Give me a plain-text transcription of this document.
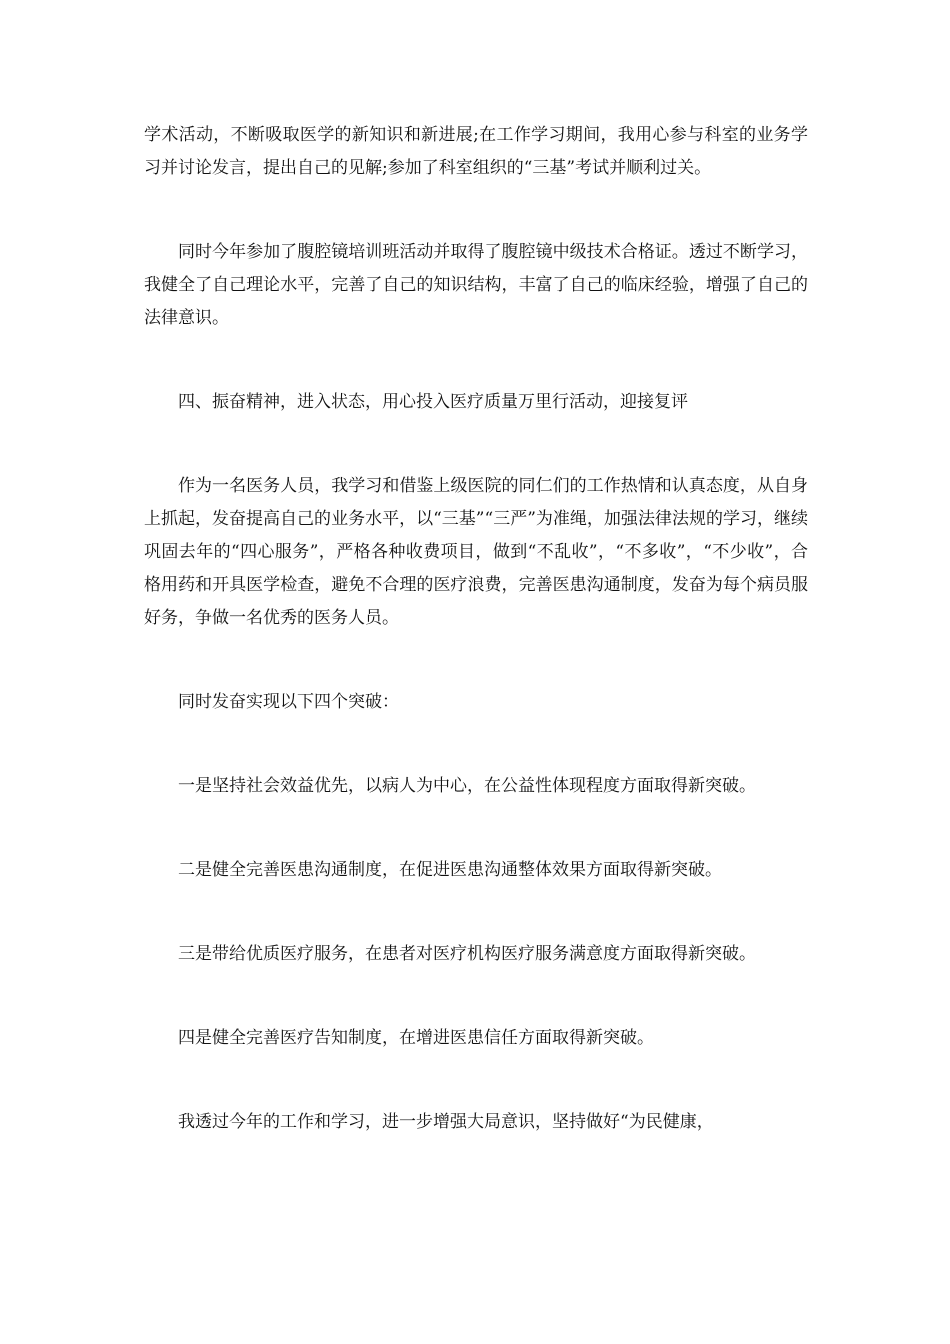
学术活动，不断吸取医学的新知识和新进展;在工作学习期间，我用心参与科室的业务学习并讨论发言，提出自己的见解;参加了科室组织的“三基”考试并顺利过关。

同时今年参加了腹腔镜培训班活动并取得了腹腔镜中级技术合格证。透过不断学习，我健全了自己理论水平，完善了自己的知识结构，丰富了自己的临床经验，增强了自己的法律意识。

四、振奋精神，进入状态，用心投入医疗质量万里行活动，迎接复评

作为一名医务人员，我学习和借鉴上级医院的同仁们的工作热情和认真态度，从自身上抓起，发奋提高自己的业务水平，以“三基”“三严”为准绳，加强法律法规的学习，继续巩固去年的“四心服务”，严格各种收费项目，做到“不乱收”，“不多收”，“不少收”，合格用药和开具医学检查，避免不合理的医疗浪费，完善医患沟通制度，发奋为每个病员服好务，争做一名优秀的医务人员。

同时发奋实现以下四个突破：

一是坚持社会效益优先，以病人为中心，在公益性体现程度方面取得新突破。

二是健全完善医患沟通制度，在促进医患沟通整体效果方面取得新突破。

三是带给优质医疗服务，在患者对医疗机构医疗服务满意度方面取得新突破。

四是健全完善医疗告知制度，在增进医患信任方面取得新突破。

我透过今年的工作和学习，进一步增强大局意识，坚持做好“为民健康，
